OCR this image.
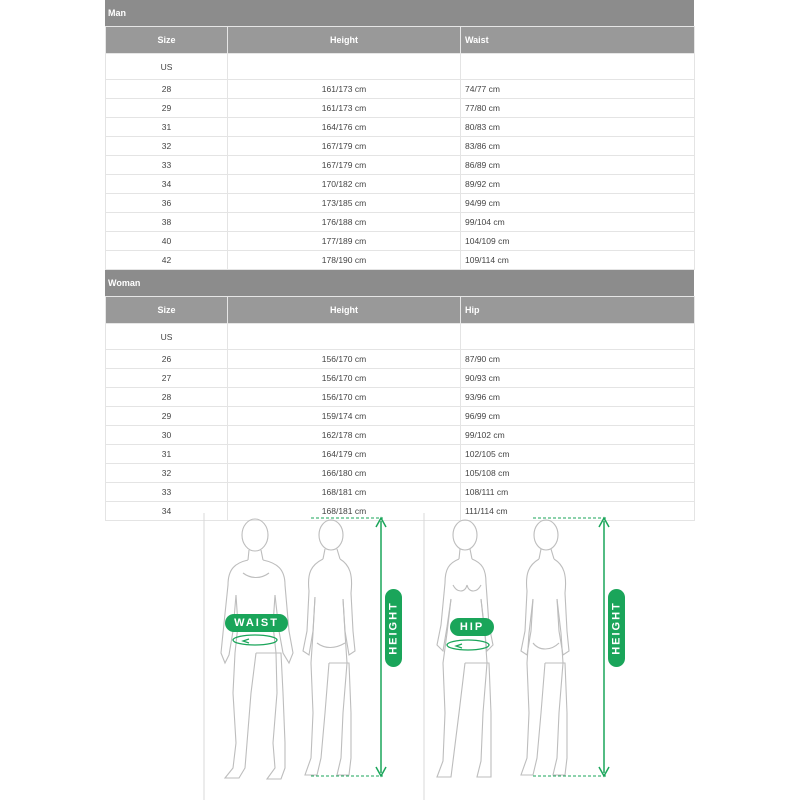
Man
Size	Height	Waist
US		
28	161/173 cm	74/77 cm
29	161/173 cm	77/80 cm
31	164/176 cm	80/83 cm
32	167/179 cm	83/86 cm
33	167/179 cm	86/89 cm
34	170/182 cm	89/92 cm
36	173/185 cm	94/99 cm
38	176/188 cm	99/104 cm
40	177/189 cm	104/109 cm
42	178/190 cm	109/114 cm
Woman
Size	Height	Hip
US		
26	156/170 cm	87/90 cm
27	156/170 cm	90/93 cm
28	156/170 cm	93/96 cm
29	159/174 cm	96/99 cm
30	162/178 cm	99/102 cm
31	164/179 cm	102/105 cm
32	166/180 cm	105/108 cm
33	168/181 cm	108/111 cm
34	168/181 cm	111/114 cm
HEIGHT
WAIST	HEIGHT
HIP
